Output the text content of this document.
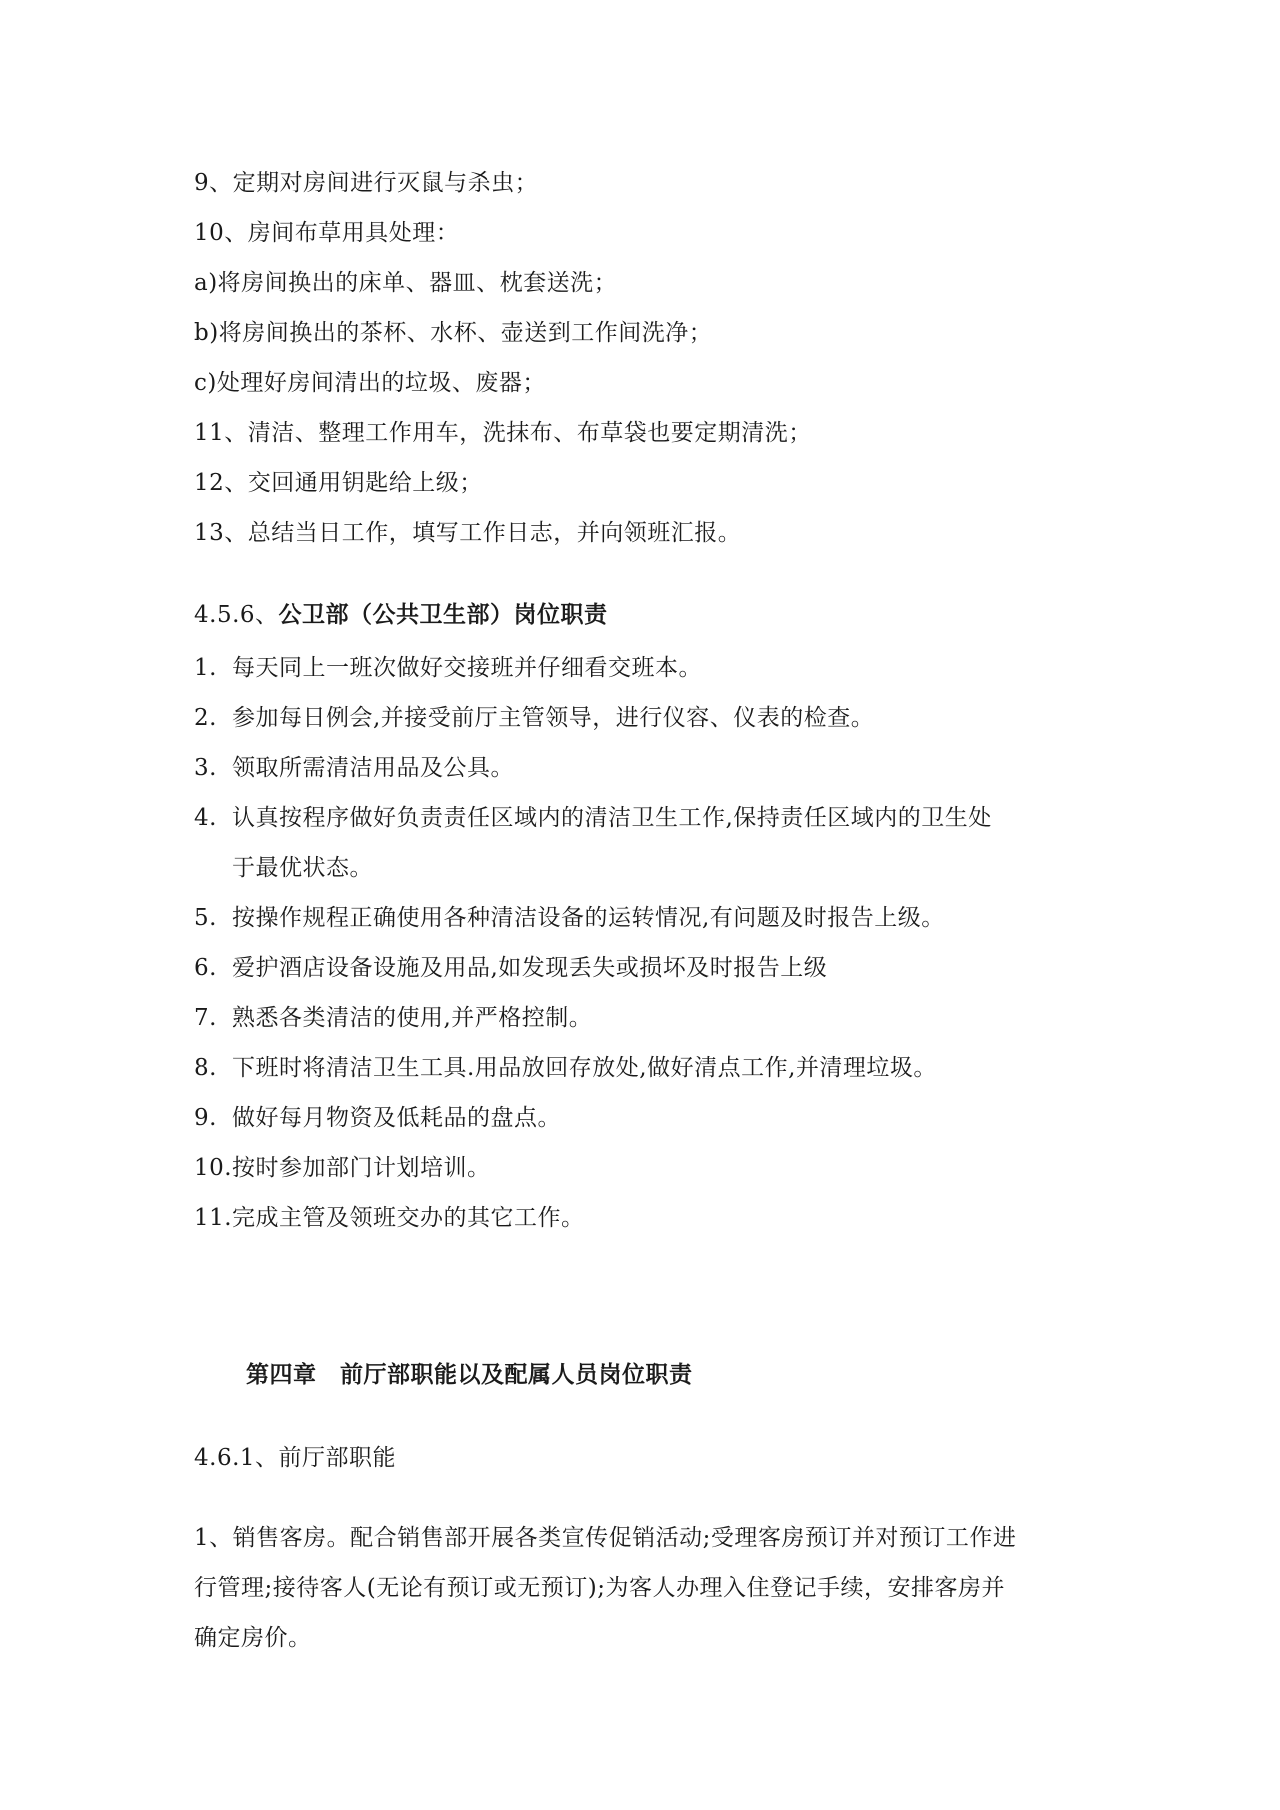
9、定期对房间进行灭鼠与杀虫；
10、房间布草用具处理：
a)将房间换出的床单、器皿、枕套送洗；
b)将房间换出的茶杯、水杯、壶送到工作间洗净；
c)处理好房间清出的垃圾、废器；
11、清洁、整理工作用车，洗抹布、布草袋也要定期清洗；
12、交回通用钥匙给上级；
13、总结当日工作，填写工作日志，并向领班汇报。
4.5.6、公卫部（公共卫生部）岗位职责
1. 每天同上一班次做好交接班并仔细看交班本。
2. 参加每日例会,并接受前厅主管领导，进行仪容、仪表的检查。
3. 领取所需清洁用品及公具。
4. 认真按程序做好负责责任区域内的清洁卫生工作,保持责任区域内的卫生处
于最优状态。
5. 按操作规程正确使用各种清洁设备的运转情况,有问题及时报告上级。
6. 爱护酒店设备设施及用品,如发现丢失或损坏及时报告上级
7. 熟悉各类清洁的使用,并严格控制。
8. 下班时将清洁卫生工具.用品放回存放处,做好清点工作,并清理垃圾。
9. 做好每月物资及低耗品的盘点。
10.按时参加部门计划培训。
11.完成主管及领班交办的其它工作。
第四章　前厅部职能以及配属人员岗位职责
4.6.1、前厅部职能
1、销售客房。配合销售部开展各类宣传促销活动;受理客房预订并对预订工作进
行管理;接待客人(无论有预订或无预订);为客人办理入住登记手续，安排客房并
确定房价。
